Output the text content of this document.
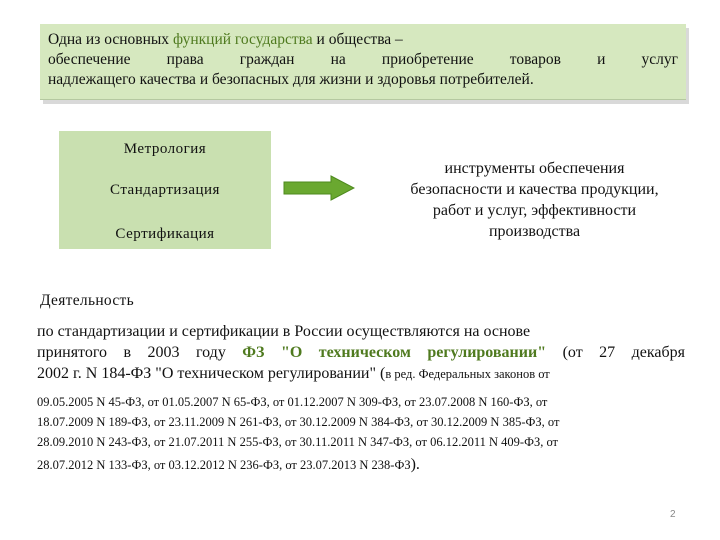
Одна из основных функций государства и общества –
обеспечение права граждан на приобретение товаров и услуг
надлежащего качества и безопасных для жизни и здоровья потребителей.
Метрология
Стандартизация
Сертификация
инструменты обеспечения
безопасности и качества продукции,
работ и услуг, эффективности
производства
Деятельность
по стандартизации и сертификации в России осуществляются на основе
принятого в 2003 году ФЗ "О техническом регулировании" (от 27 декабря
2002 г. N 184-ФЗ "О техническом регулировании" (в ред. Федеральных законов от
09.05.2005 N 45-ФЗ, от 01.05.2007 N 65-ФЗ, от 01.12.2007 N 309-ФЗ, от 23.07.2008 N 160-ФЗ, от
18.07.2009 N 189-ФЗ, от 23.11.2009 N 261-ФЗ, от 30.12.2009 N 384-ФЗ, от 30.12.2009 N 385-ФЗ, от
28.09.2010 N 243-ФЗ, от 21.07.2011 N 255-ФЗ, от 30.11.2011 N 347-ФЗ, от 06.12.2011 N 409-ФЗ, от
28.07.2012 N 133-ФЗ, от 03.12.2012 N 236-ФЗ, от 23.07.2013 N 238-ФЗ).
2
